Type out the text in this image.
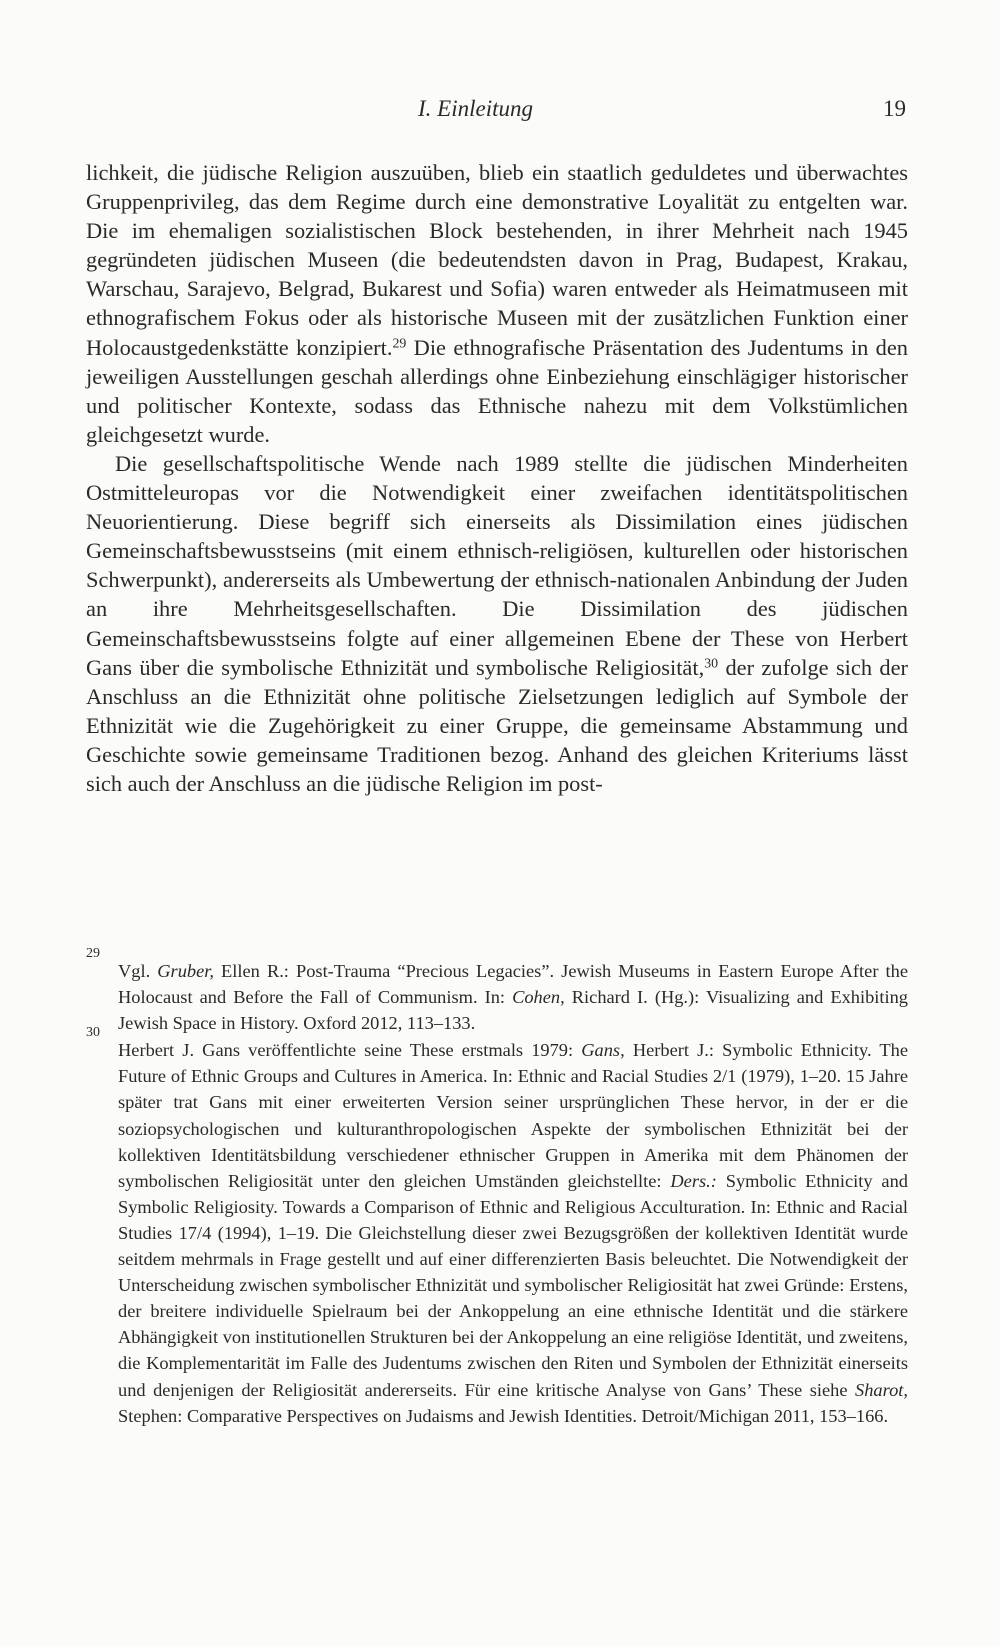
I. Einleitung	19

lichkeit, die jüdische Religion auszuüben, blieb ein staatlich geduldetes und überwachtes Gruppenprivileg, das dem Regime durch eine demonstrative Loyalität zu entgelten war. Die im ehemaligen sozialistischen Block bestehenden, in ihrer Mehrheit nach 1945 gegründeten jüdischen Museen (die bedeutendsten davon in Prag, Budapest, Krakau, Warschau, Sarajevo, Belgrad, Bukarest und Sofia) waren entweder als Heimatmuseen mit ethnografischem Fokus oder als historische Museen mit der zusätzlichen Funktion einer Holocaustgedenkstätte konzipiert.$^{29}$ Die ethnografische Präsentation des Judentums in den jeweiligen Ausstellungen geschah allerdings ohne Einbeziehung einschlägiger historischer und politischer Kontexte, sodass das Ethnische nahezu mit dem Volkstümlichen gleichgesetzt wurde.

Die gesellschaftspolitische Wende nach 1989 stellte die jüdischen Minderheiten Ostmitteleuropas vor die Notwendigkeit einer zweifachen identitätspolitischen Neuorientierung. Diese begriff sich einerseits als Dissimilation eines jüdischen Gemeinschaftsbewusstseins (mit einem ethnisch-religiösen, kulturellen oder historischen Schwerpunkt), andererseits als Umbewertung der ethnisch-nationalen Anbindung der Juden an ihre Mehrheitsgesellschaften. Die Dissimilation des jüdischen Gemeinschaftsbewusstseins folgte auf einer allgemeinen Ebene der These von Herbert Gans über die symbolische Ethnizität und symbolische Religiosität,$^{30}$ der zufolge sich der Anschluss an die Ethnizität ohne politische Zielsetzungen lediglich auf Symbole der Ethnizität wie die Zugehörigkeit zu einer Gruppe, die gemeinsame Abstammung und Geschichte sowie gemeinsame Traditionen bezog. Anhand des gleichen Kriteriums lässt sich auch der Anschluss an die jüdische Religion im post-

29
Vgl. Gruber, Ellen R.: Post-Trauma “Precious Legacies”. Jewish Museums in Eastern Europe After the Holocaust and Before the Fall of Communism. In: Cohen, Richard I. (Hg.): Visualizing and Exhibiting Jewish Space in History. Oxford 2012, 113–133.

30
Herbert J. Gans veröffentlichte seine These erstmals 1979: Gans, Herbert J.: Symbolic Ethnicity. The Future of Ethnic Groups and Cultures in America. In: Ethnic and Racial Studies 2/1 (1979), 1–20. 15 Jahre später trat Gans mit einer erweiterten Version seiner ursprünglichen These hervor, in der er die soziopsychologischen und kulturanthropologischen Aspekte der symbolischen Ethnizität bei der kollektiven Identitätsbildung verschiedener ethnischer Gruppen in Amerika mit dem Phänomen der symbolischen Religiosität unter den gleichen Umständen gleichstellte: Ders.: Symbolic Ethnicity and Symbolic Religiosity. Towards a Comparison of Ethnic and Religious Acculturation. In: Ethnic and Racial Studies 17/4 (1994), 1–19. Die Gleichstellung dieser zwei Bezugsgrößen der kollektiven Identität wurde seitdem mehrmals in Frage gestellt und auf einer differenzierten Basis beleuchtet. Die Notwendigkeit der Unterscheidung zwischen symbolischer Ethnizität und symbolischer Religiosität hat zwei Gründe: Erstens, der breitere individuelle Spielraum bei der Ankoppelung an eine ethnische Identität und die stärkere Abhängigkeit von institutionellen Strukturen bei der Ankoppelung an eine religiöse Identität, und zweitens, die Komplementarität im Falle des Judentums zwischen den Riten und Symbolen der Ethnizität einerseits und denjenigen der Religiosität andererseits. Für eine kritische Analyse von Gans’ These siehe Sharot, Stephen: Comparative Perspectives on Judaisms and Jewish Identities. Detroit/Michigan 2011, 153–166.
